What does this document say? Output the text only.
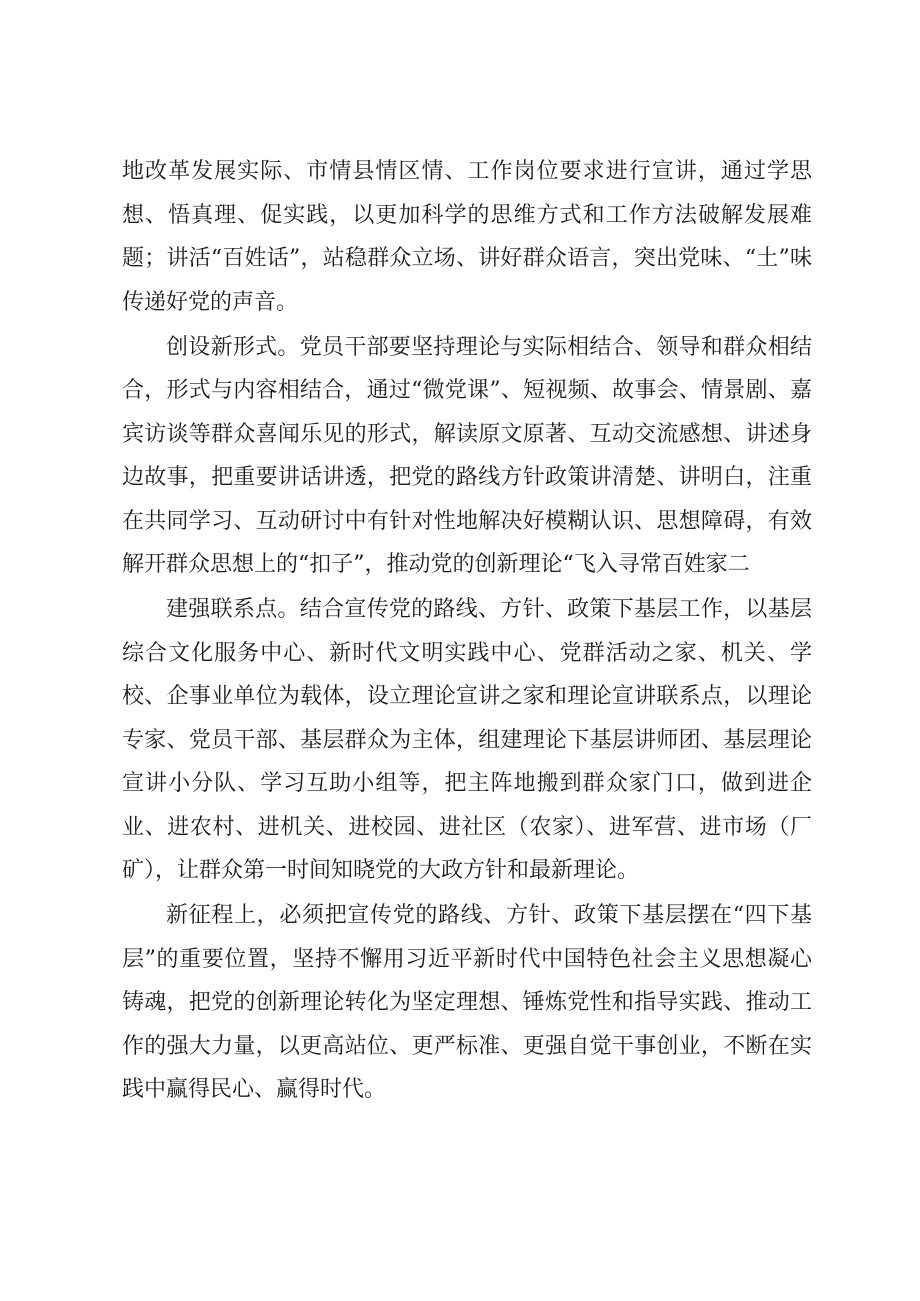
地改革发展实际、市情县情区情、工作岗位要求进行宣讲，通过学思想、悟真理、促实践，以更加科学的思维方式和工作方法破解发展难题；讲活“百姓话”，站稳群众立场、讲好群众语言，突出党味、“土”味传递好党的声音。

创设新形式。党员干部要坚持理论与实际相结合、领导和群众相结合，形式与内容相结合，通过“微党课”、短视频、故事会、情景剧、嘉宾访谈等群众喜闻乐见的形式，解读原文原著、互动交流感想、讲述身边故事，把重要讲话讲透，把党的路线方针政策讲清楚、讲明白，注重在共同学习、互动研讨中有针对性地解决好模糊认识、思想障碍，有效解开群众思想上的“扣子”，推动党的创新理论“飞入寻常百姓家二

建强联系点。结合宣传党的路线、方针、政策下基层工作，以基层综合文化服务中心、新时代文明实践中心、党群活动之家、机关、学校、企事业单位为载体，设立理论宣讲之家和理论宣讲联系点，以理论专家、党员干部、基层群众为主体，组建理论下基层讲师团、基层理论宣讲小分队、学习互助小组等，把主阵地搬到群众家门口，做到进企业、进农村、进机关、进校园、进社区（农家）、进军营、进市场（厂矿），让群众第一时间知晓党的大政方针和最新理论。

新征程上，必须把宣传党的路线、方针、政策下基层摆在“四下基层”的重要位置，坚持不懈用习近平新时代中国特色社会主义思想凝心铸魂，把党的创新理论转化为坚定理想、锤炼党性和指导实践、推动工作的强大力量，以更高站位、更严标准、更强自觉干事创业，不断在实践中赢得民心、赢得时代。
